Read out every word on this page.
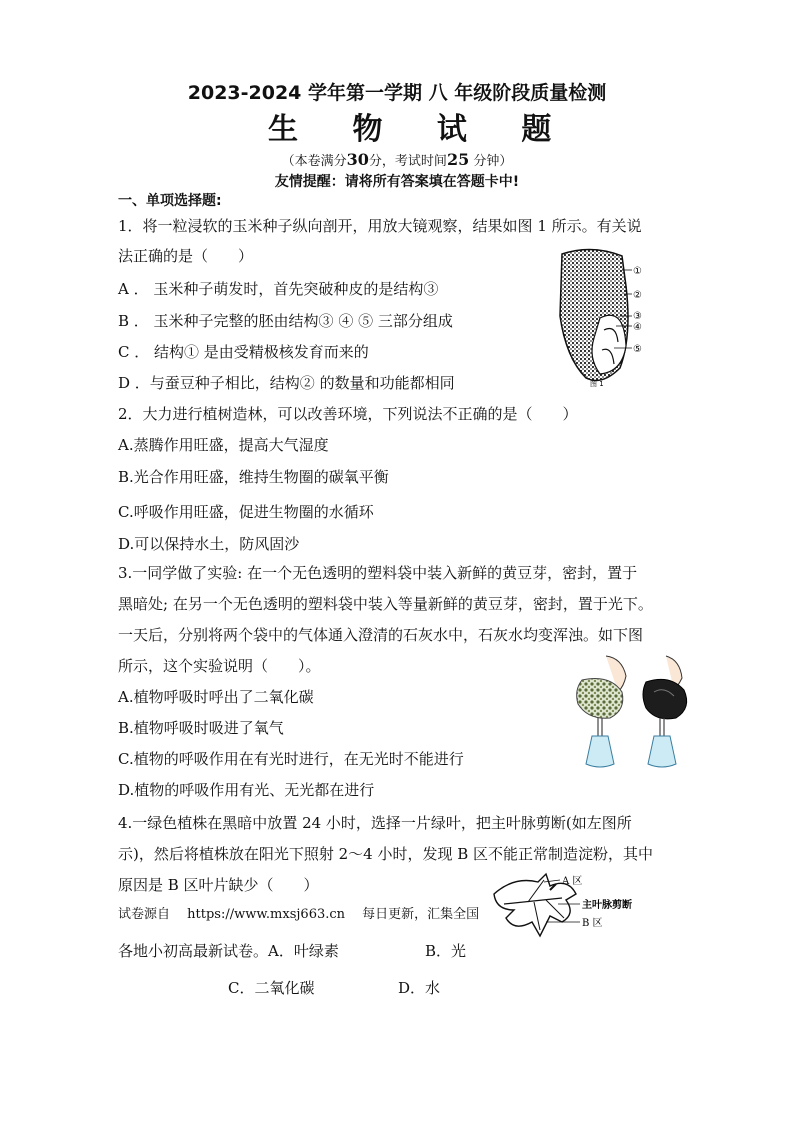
2023-2024 学年第一学期 八 年级阶段质量检测
生 物 试 题
（本卷满分30分，考试时间25 分钟）
友情提醒：请将所有答案填在答题卡中!
一、单项选择题:
1．将一粒浸软的玉米种子纵向剖开，用放大镜观察，结果如图 1 所示。有关说
法正确的是（　　）
A ． 玉米种子萌发时，首先突破种皮的是结构③
B ． 玉米种子完整的胚由结构③ ④ ⑤ 三部分组成
C ． 结构① 是由受精极核发育而来的
D ．与蚕豆种子相比，结构② 的数量和功能都相同
2．大力进行植树造林，可以改善环境，下列说法不正确的是（　　）
A.蒸腾作用旺盛，提高大气湿度
B.光合作用旺盛，维持生物圈的碳氧平衡
C.呼吸作用旺盛，促进生物圈的水循环
D.可以保持水土，防风固沙
3.一同学做了实验: 在一个无色透明的塑料袋中装入新鲜的黄豆芽，密封，置于
黑暗处; 在另一个无色透明的塑料袋中装入等量新鲜的黄豆芽，密封，置于光下。
一天后，分别将两个袋中的气体通入澄清的石灰水中，石灰水均变浑浊。如下图
所示，这个实验说明（　　）。
A.植物呼吸时呼出了二氧化碳
B.植物呼吸时吸进了氧气
C.植物的呼吸作用在有光时进行，在无光时不能进行
D.植物的呼吸作用有光、无光都在进行
4.一绿色植株在黑暗中放置 24 小时，选择一片绿叶，把主叶脉剪断(如左图所
示)，然后将植株放在阳光下照射 2～4 小时，发现 B 区不能正常制造淀粉，其中
原因是 B 区叶片缺少（　　）
试卷源自　 https://www.mxsj663.cn　 每日更新，汇集全国
各地小初高最新试卷。A．叶绿素	B．光
C．二氧化碳	D．水
①
②
③
④
⑤
图 1
A 区
主叶脉剪断
B 区
